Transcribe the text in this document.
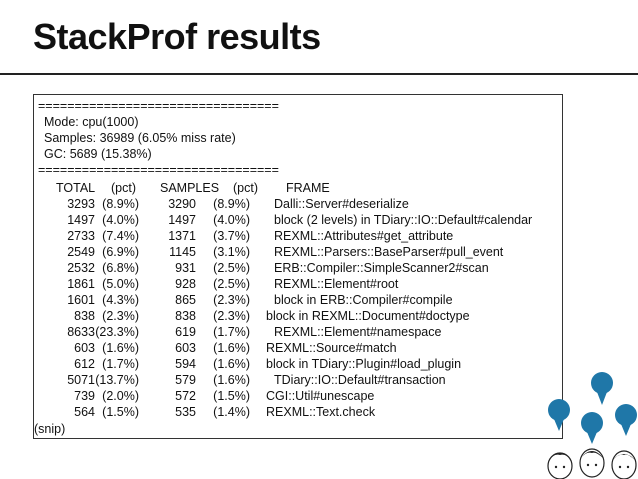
StackProf results
=================================
Mode: cpu(1000)
Samples: 36989 (6.05% miss rate)
GC: 5689 (15.38%)
=================================
TOTAL (pct) SAMPLES (pct) FRAME
3293 (8.9%) 3290 (8.9%) Dalli::Server#deserialize
1497 (4.0%) 1497 (4.0%) block (2 levels) in TDiary::IO::Default#calendar
2733 (7.4%) 1371 (3.7%) REXML::Attributes#get_attribute
2549 (6.9%) 1145 (3.1%) REXML::Parsers::BaseParser#pull_event
2532 (6.8%)	931 (2.5%) ERB::Compiler::SimpleScanner2#scan
1861 (5.0%)	928 (2.5%) REXML::Element#root
1601 (4.3%)	865 (2.3%) block in ERB::Compiler#compile
838 (2.3%)	838 (2.3%) block in REXML::Document#doctype
8633 (23.3%)	619 (1.7%) REXML::Element#namespace
603 (1.6%)	603 (1.6%) REXML::Source#match
612 (1.7%)	594 (1.6%) block in TDiary::Plugin#load_plugin
5071 (13.7%)	579 (1.6%) TDiary::IO::Default#transaction
739 (2.0%)	572 (1.5%) CGI::Util#unescape
564 (1.5%)	535 (1.4%) REXML::Text.check
(snip)
